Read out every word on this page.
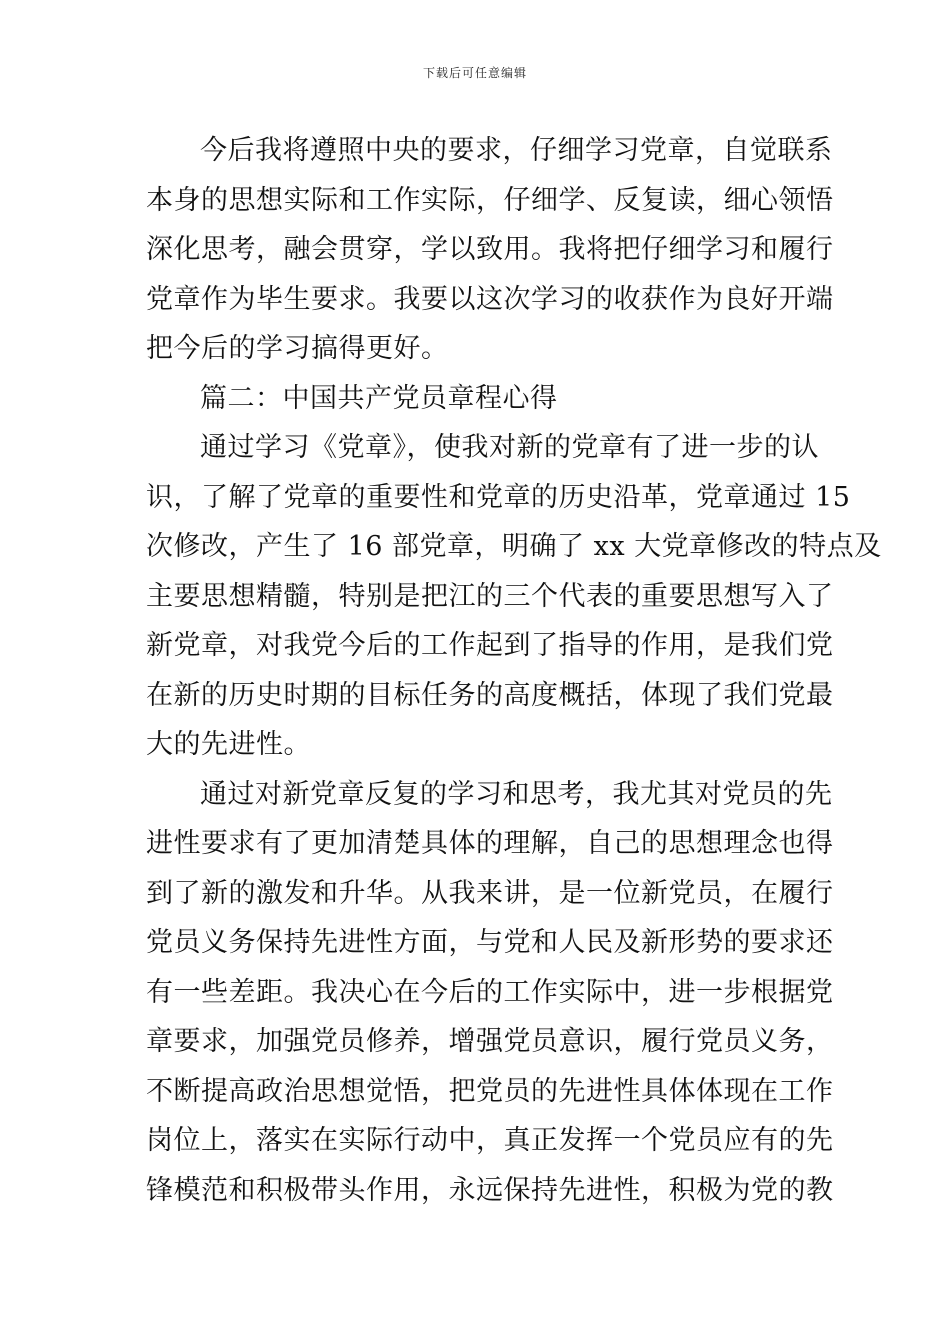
下载后可任意编辑
今后我将遵照中央的要求，仔细学习党章，自觉联系
本身的思想实际和工作实际，仔细学、反复读，细心领悟
深化思考，融会贯穿，学以致用。我将把仔细学习和履行
党章作为毕生要求。我要以这次学习的收获作为良好开端
把今后的学习搞得更好。
篇二：中国共产党员章程心得
通过学习《党章》，使我对新的党章有了进一步的认
识，了解了党章的重要性和党章的历史沿革，党章通过 15
次修改，产生了 16 部党章，明确了 xx 大党章修改的特点及
主要思想精髓，特别是把江的三个代表的重要思想写入了
新党章，对我党今后的工作起到了指导的作用，是我们党
在新的历史时期的目标任务的高度概括，体现了我们党最
大的先进性。
通过对新党章反复的学习和思考，我尤其对党员的先
进性要求有了更加清楚具体的理解，自己的思想理念也得
到了新的激发和升华。从我来讲，是一位新党员，在履行
党员义务保持先进性方面，与党和人民及新形势的要求还
有一些差距。我决心在今后的工作实际中，进一步根据党
章要求，加强党员修养，增强党员意识，履行党员义务，
不断提高政治思想觉悟，把党员的先进性具体体现在工作
岗位上，落实在实际行动中，真正发挥一个党员应有的先
锋模范和积极带头作用，永远保持先进性，积极为党的教
